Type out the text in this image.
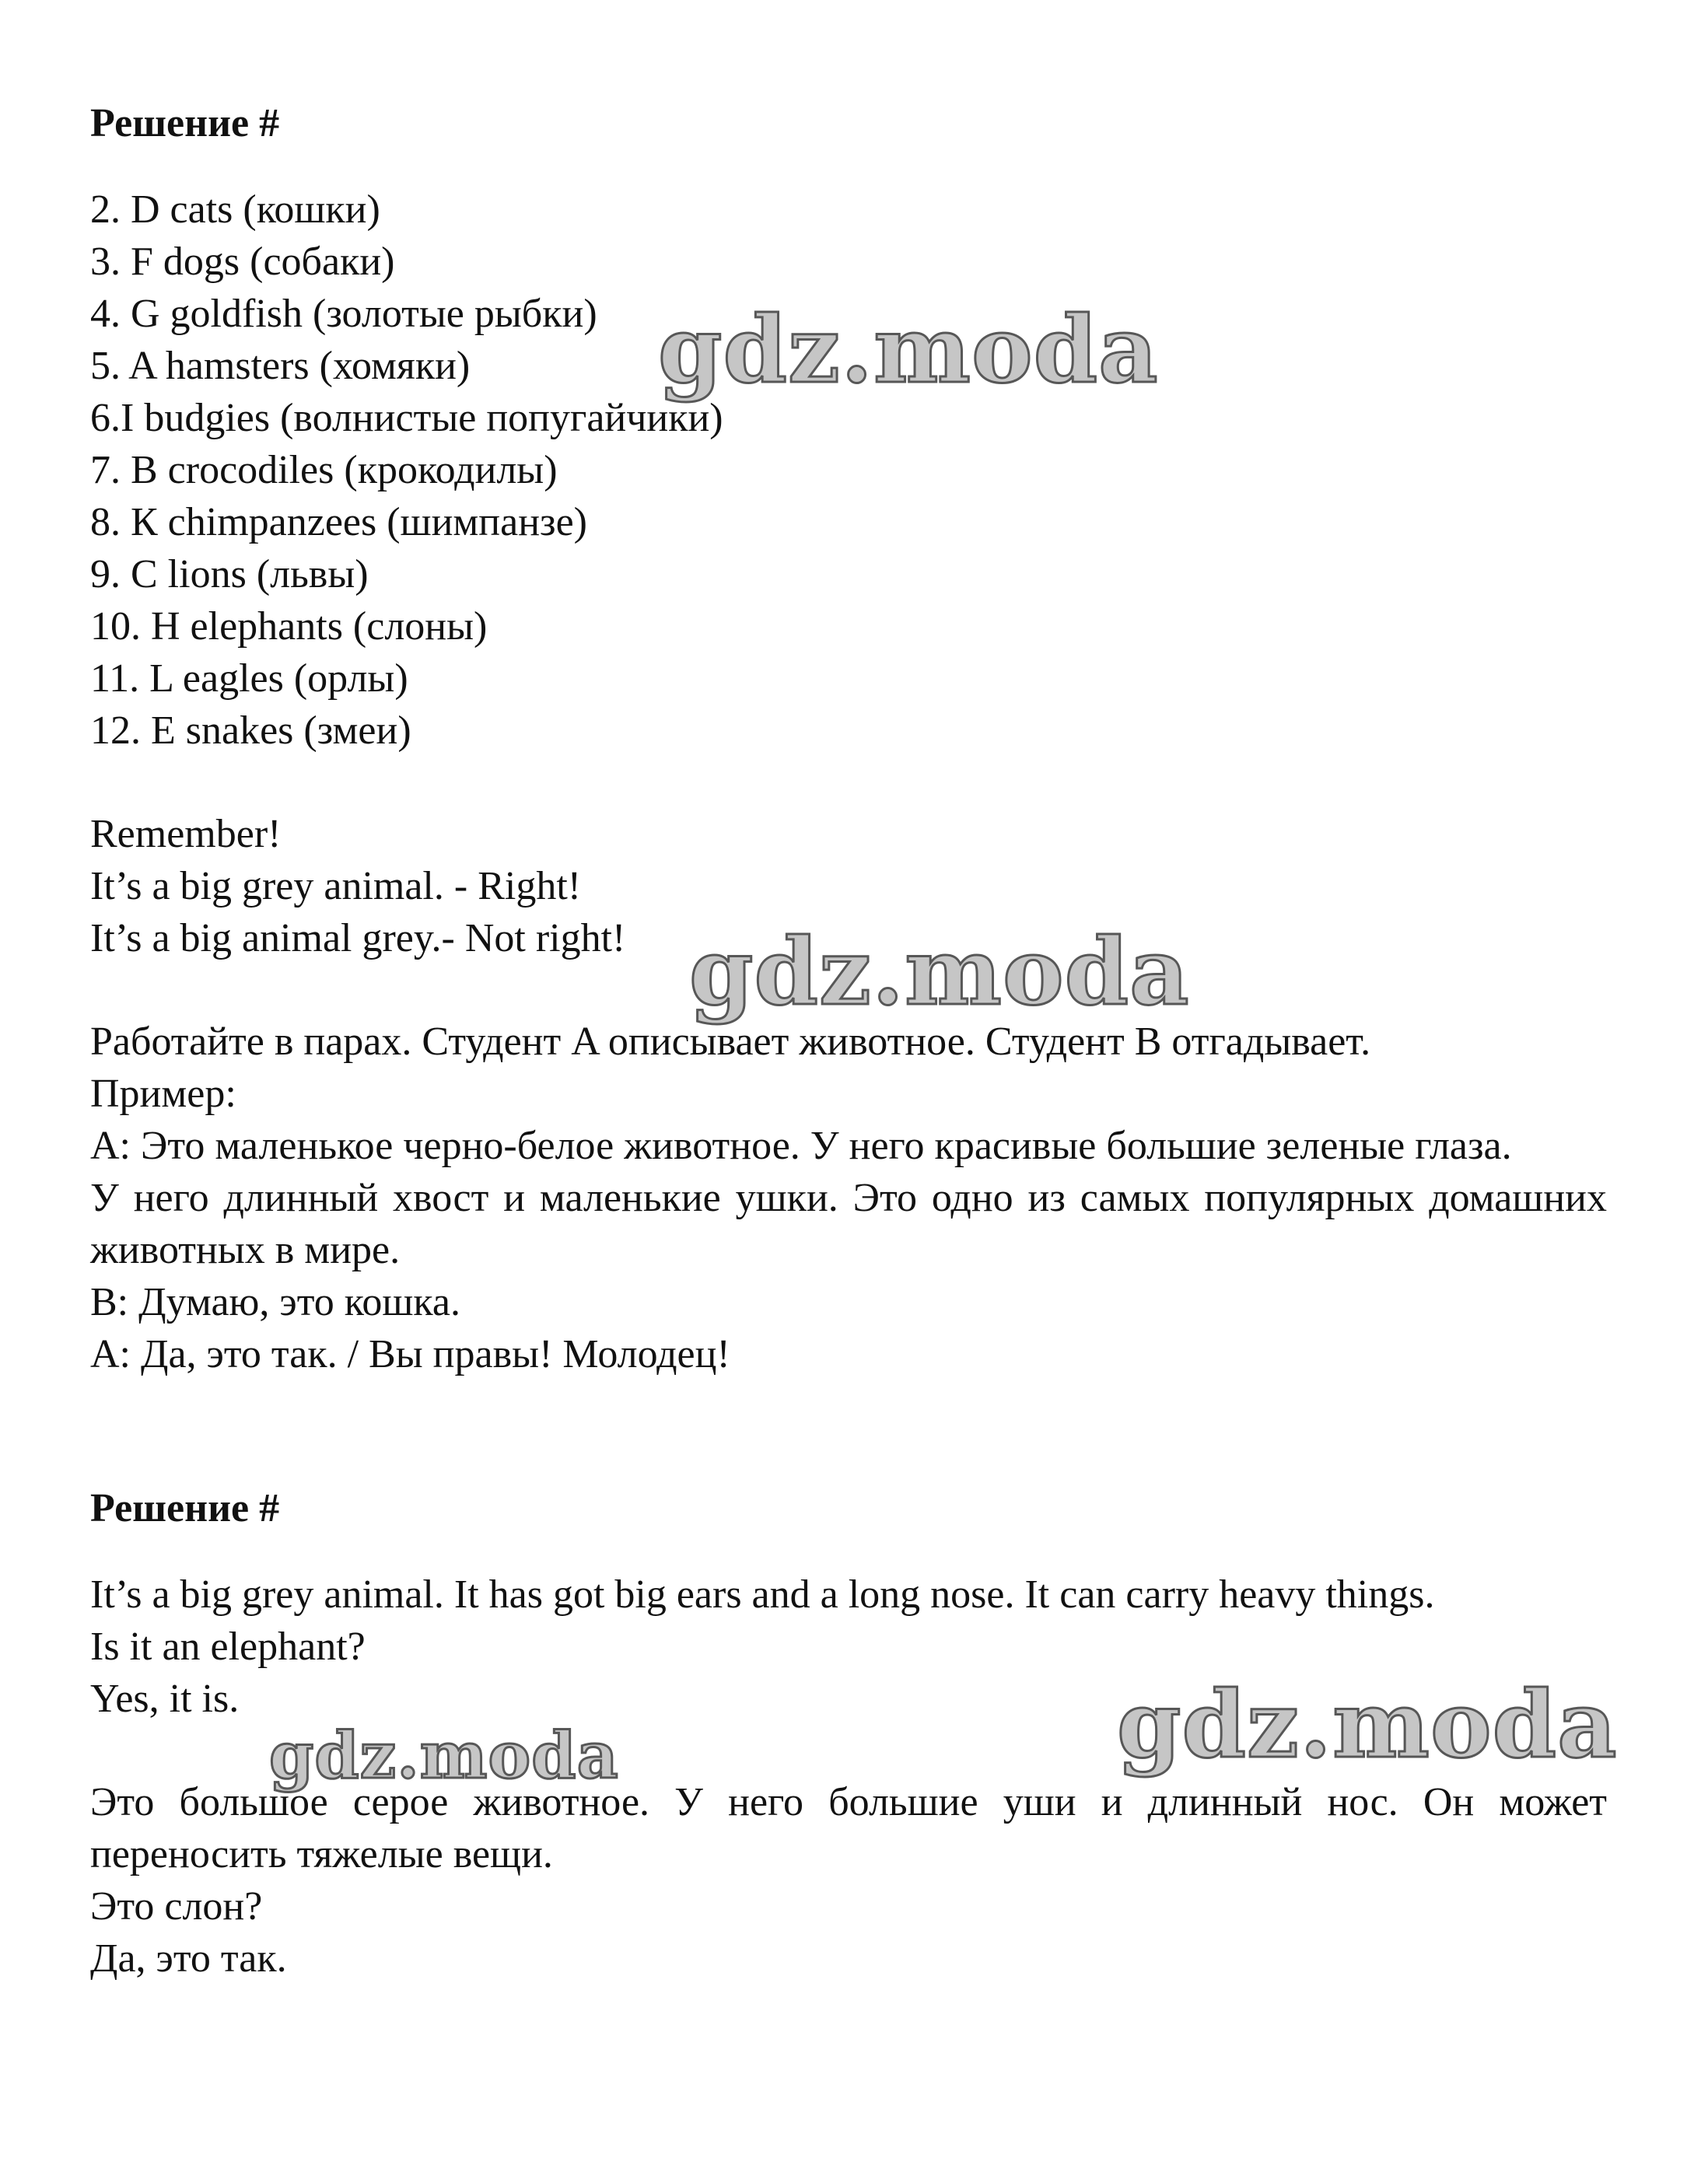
Решение #

2. D cats (кошки)

3. F dogs (собаки)

4. G goldfish (золотые рыбки)

5. A hamsters (хомяки)

6.I budgies (волнистые попугайчики)

7. B crocodiles (крокодилы)

8. К chimpanzees (шимпанзе)

9. C lions (львы)

10. H elephants (слоны)

11. L eagles (орлы)

12. E snakes (змеи)

Remember!

It’s a big grey animal. - Right!

It’s a big animal grey.- Not right!

Работайте в парах. Студент A описывает животное. Студент B отгадывает.

Пример:

A: Это маленькое черно-белое животное. У него красивые большие зеленые глаза.

У него длинный хвост и маленькие ушки. Это одно из самых популярных домашних животных в мире.

B: Думаю, это кошка.

A: Да, это так. / Вы правы! Молодец!

Решение #

It’s a big grey animal. It has got big ears and a long nose. It can carry heavy things.

Is it an elephant?

Yes, it is.

Это большое серое животное. У него большие уши и длинный нос. Он может переносить тяжелые вещи.

Это слон?

Да, это так.

gdz.moda
gdz.moda
gdz.moda
gdz.moda
